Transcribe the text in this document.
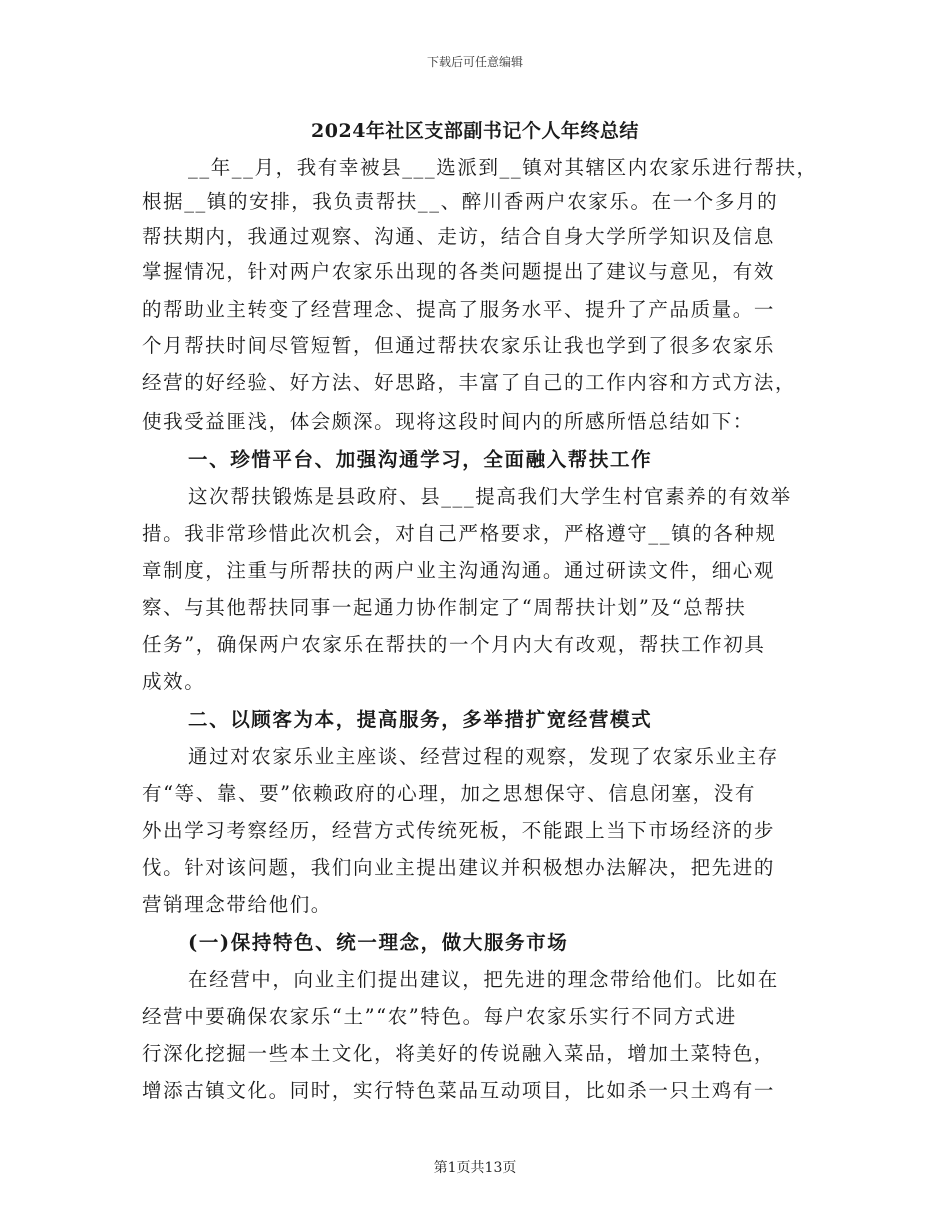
下载后可任意编辑
2024年社区支部副书记个人年终总结
__年__月，我有幸被县___选派到__镇对其辖区内农家乐进行帮扶，
根据__镇的安排，我负责帮扶__、醉川香两户农家乐。在一个多月的
帮扶期内，我通过观察、沟通、走访，结合自身大学所学知识及信息
掌握情况，针对两户农家乐出现的各类问题提出了建议与意见，有效
的帮助业主转变了经营理念、提高了服务水平、提升了产品质量。一
个月帮扶时间尽管短暂，但通过帮扶农家乐让我也学到了很多农家乐
经营的好经验、好方法、好思路，丰富了自己的工作内容和方式方法，
使我受益匪浅，体会颇深。现将这段时间内的所感所悟总结如下：
一、珍惜平台、加强沟通学习，全面融入帮扶工作
这次帮扶锻炼是县政府、县___提高我们大学生村官素养的有效举
措。我非常珍惜此次机会，对自己严格要求，严格遵守__镇的各种规
章制度，注重与所帮扶的两户业主沟通沟通。通过研读文件，细心观
察、与其他帮扶同事一起通力协作制定了“周帮扶计划”及“总帮扶
任务”，确保两户农家乐在帮扶的一个月内大有改观，帮扶工作初具
成效。
二、以顾客为本，提高服务，多举措扩宽经营模式
通过对农家乐业主座谈、经营过程的观察，发现了农家乐业主存
有“等、靠、要”依赖政府的心理，加之思想保守、信息闭塞，没有
外出学习考察经历，经营方式传统死板，不能跟上当下市场经济的步
伐。针对该问题，我们向业主提出建议并积极想办法解决，把先进的
营销理念带给他们。
(一)保持特色、统一理念，做大服务市场
在经营中，向业主们提出建议，把先进的理念带给他们。比如在
经营中要确保农家乐“土”“农”特色。每户农家乐实行不同方式进
行深化挖掘一些本土文化，将美好的传说融入菜品，增加土菜特色，
增添古镇文化。同时，实行特色菜品互动项目，比如杀一只土鸡有一
第1页共13页
